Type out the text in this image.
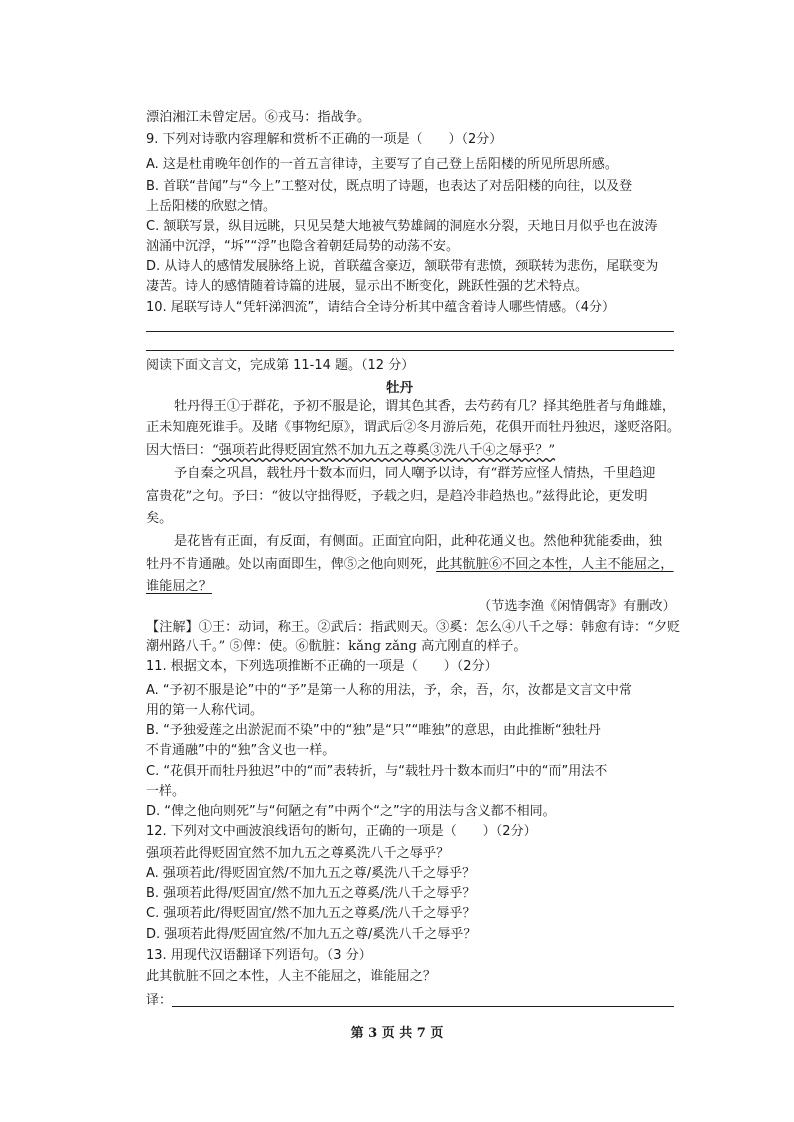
漂泊湘江未曾定居。⑥戎马：指战争。
9. 下列对诗歌内容理解和赏析不正确的一项是（　　）（2分）
A. 这是杜甫晚年创作的一首五言律诗，主要写了自己登上岳阳楼的所见所思所感。
B. 首联“昔闻”与“今上”工整对仗，既点明了诗题，也表达了对岳阳楼的向往，以及登
上岳阳楼的欣慰之情。
C. 颔联写景，纵目远眺，只见吴楚大地被气势雄阔的洞庭水分裂，天地日月似乎也在波涛
汹涌中沉浮，“坼”“浮”也隐含着朝廷局势的动荡不安。
D. 从诗人的感情发展脉络上说，首联蕴含豪迈，颔联带有悲愤，颈联转为悲伤，尾联变为
凄苦。诗人的感情随着诗篇的进展，显示出不断变化，跳跃性强的艺术特点。
10. 尾联写诗人“凭轩涕泗流”，请结合全诗分析其中蕴含着诗人哪些情感。（4分）
阅读下面文言文，完成第 11-14 题。（12 分）
牡丹
牡丹得王①于群花，予初不服是论，谓其色其香，去芍药有几？择其绝胜者与角雌雄，
正未知鹿死谁手。及睹《事物纪原》，谓武后②冬月游后苑，花俱开而牡丹独迟，遂贬洛阳。
因大悟曰：“强项若此得贬固宜然不加九五之尊奚③洗八千④之辱乎？”
予自秦之巩昌，载牡丹十数本而归，同人嘲予以诗，有“群芳应怪人情热，千里趋迎
富贵花”之句。予曰：“彼以守拙得贬，予载之归，是趋冷非趋热也。”兹得此论，更发明
矣。
是花皆有正面，有反面，有侧面。正面宜向阳，此种花通义也。然他种犹能委曲，独
牡丹不肯通融。处以南面即生，俾⑤之他向则死，此其骯脏⑥不回之本性，人主不能屈之，
谁能屈之？
（节选李渔《闲情偶寄》有删改）
【注解】①王：动词，称王。②武后：指武则天。③奚：怎么④八千之辱：韩愈有诗：“夕贬
潮州路八千。” ⑤俾：使。⑥骯脏：kǎng zǎng 高亢刚直的样子。
11. 根据文本，下列选项推断不正确的一项是（　　）（2分）
A. “予初不服是论”中的“予”是第一人称的用法，予，余，吾，尔，汝都是文言文中常
用的第一人称代词。
B. “予独爱莲之出淤泥而不染”中的“独”是“只”“唯独”的意思，由此推断“独牡丹
不肯通融”中的“独”含义也一样。
C. “花俱开而牡丹独迟”中的“而”表转折，与“载牡丹十数本而归”中的“而”用法不
一样。
D. “俾之他向则死”与“何陋之有”中两个“之”字的用法与含义都不相同。
12. 下列对文中画波浪线语句的断句，正确的一项是（　　）（2分）
强项若此得贬固宜然不加九五之尊奚洗八千之辱乎？
A. 强项若此/得贬固宜然/不加九五之尊/奚洗八千之辱乎？
B. 强项若此得/贬固宜/然不加九五之尊奚/洗八千之辱乎？
C. 强项若此/得贬固宜/然不加九五之尊奚/洗八千之辱乎？
D. 强项若此得/贬固宜然/不加九五之尊/奚洗八千之辱乎？
13. 用现代汉语翻译下列语句。（3 分）
此其骯脏不回之本性，人主不能屈之，谁能屈之？
译：
第 3 页 共 7 页
